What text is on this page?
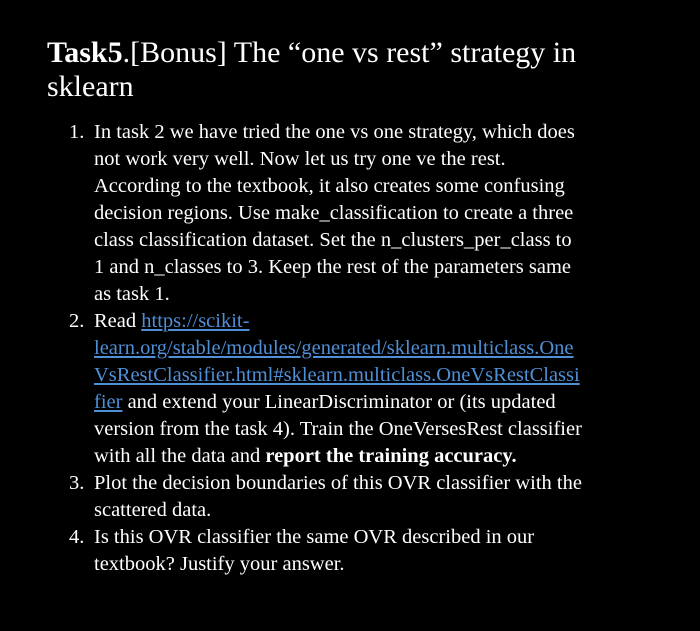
Task5.[Bonus] The “one vs rest” strategy in
sklearn
1. In task 2 we have tried the one vs one strategy, which does
not work very well. Now let us try one ve the rest.
According to the textbook, it also creates some confusing
decision regions. Use make_classification to create a three
class classification dataset. Set the n_clusters_per_class to
1 and n_classes to 3. Keep the rest of the parameters same
as task 1.
2. Read https://scikit-
learn.org/stable/modules/generated/sklearn.multiclass.One
VsRestClassifier.html#sklearn.multiclass.OneVsRestClassi
fier and extend your LinearDiscriminator or (its updated
version from the task 4). Train the OneVersesRest classifier
with all the data and report the training accuracy.
3. Plot the decision boundaries of this OVR classifier with the
scattered data.
4. Is this OVR classifier the same OVR described in our
textbook? Justify your answer.
